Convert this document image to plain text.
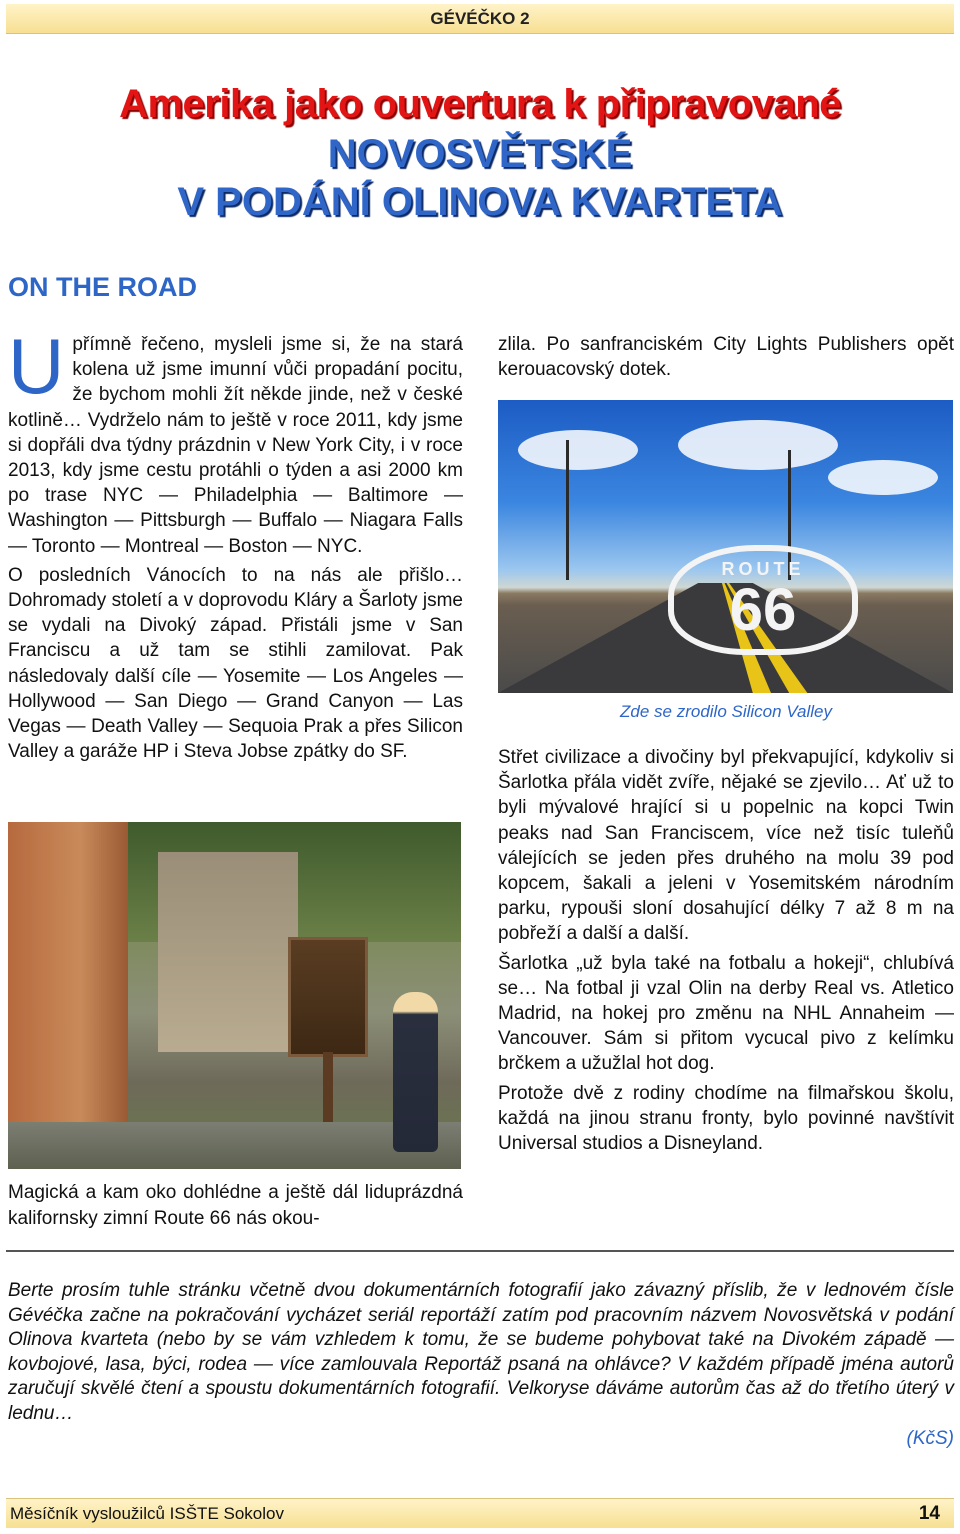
GÉVÉČKO 2
Amerika jako ouvertura k připravované
NOVOSVĚTSKÉ
V PODÁNÍ OLINOVA KVARTETA
ON THE ROAD

U přímně řečeno, mysleli jsme si, že na stará kolena už jsme imunní vůči propadání pocitu, že bychom mohli žít někde jinde, než v české kotlině… Vydrželo nám to ještě v roce 2011, kdy jsme si dopřáli dva týdny prázdnin v New York City, i v roce 2013, kdy jsme cestu protáhli o týden a asi 2000 km po trase NYC — Philadelphia — Baltimore — Washington — Pittsburgh — Buffalo — Niagara Falls — Toronto — Montreal — Boston — NYC.

O posledních Vánocích to na nás ale přišlo… Dohromady století a v doprovodu Kláry a Šarloty jsme se vydali na Divoký západ. Přistáli jsme v San Franciscu a už tam se stihli zamilovat. Pak následovaly další cíle — Yosemite — Los Angeles — Hollywood — San Diego — Grand Canyon — Las Vegas — Death Valley — Sequoia Prak a přes Silicon Valley a garáže HP i Steva Jobse zpátky do SF.

Magická a kam oko dohlédne a ještě dál liduprázdná kalifornsky zimní Route 66 nás okou-

zlila. Po sanfranciském City Lights Publishers opět kerouacovský dotek.

ROUTE
66
Zde se zrodilo Silicon Valley

Střet civilizace a divočiny byl překvapující, kdykoliv si Šarlotka přála vidět zvíře, nějaké se zjevilo… Ať už to byli mývalové hrající si u popelnic na kopci Twin peaks nad San Franciscem, více než tisíc tuleňů válejících se jeden přes druhého na molu 39 pod kopcem, šakali a jeleni v Yosemitském národním parku, rypouši sloní dosahující délky 7 až 8 m na pobřeží a další a další.

Šarlotka „už byla také na fotbalu a hokeji“, chlubívá se… Na fotbal ji vzal Olin na derby Real vs. Atletico Madrid, na hokej pro změnu na NHL Annaheim — Vancouver. Sám si přitom vycucal pivo z kelímku brčkem a užužlal hot dog.

Protože dvě z rodiny chodíme na filmařskou školu, každá na jinou stranu fronty, bylo povinné navštívit Universal studios a Disneyland.

Berte prosím tuhle stránku včetně dvou dokumentárních fotografií jako závazný příslib, že v lednovém čísle Gévéčka začne na pokračování vycházet seriál reportáží zatím pod pracovním názvem Novosvětská v podání Olinova kvarteta (nebo by se vám vzhledem k tomu, že se budeme pohybovat také na Divokém západě — kovbojové, lasa, býci, rodea — více zamlouvala Reportáž psaná na ohlávce? V každém případě jména autorů zaručují skvělé čtení a spoustu dokumentárních fotografií. Velkoryse dáváme autorům čas až do třetího úterý v lednu…
(KčS)
Měsíčník vysloužilců ISŠTE Sokolov	14
